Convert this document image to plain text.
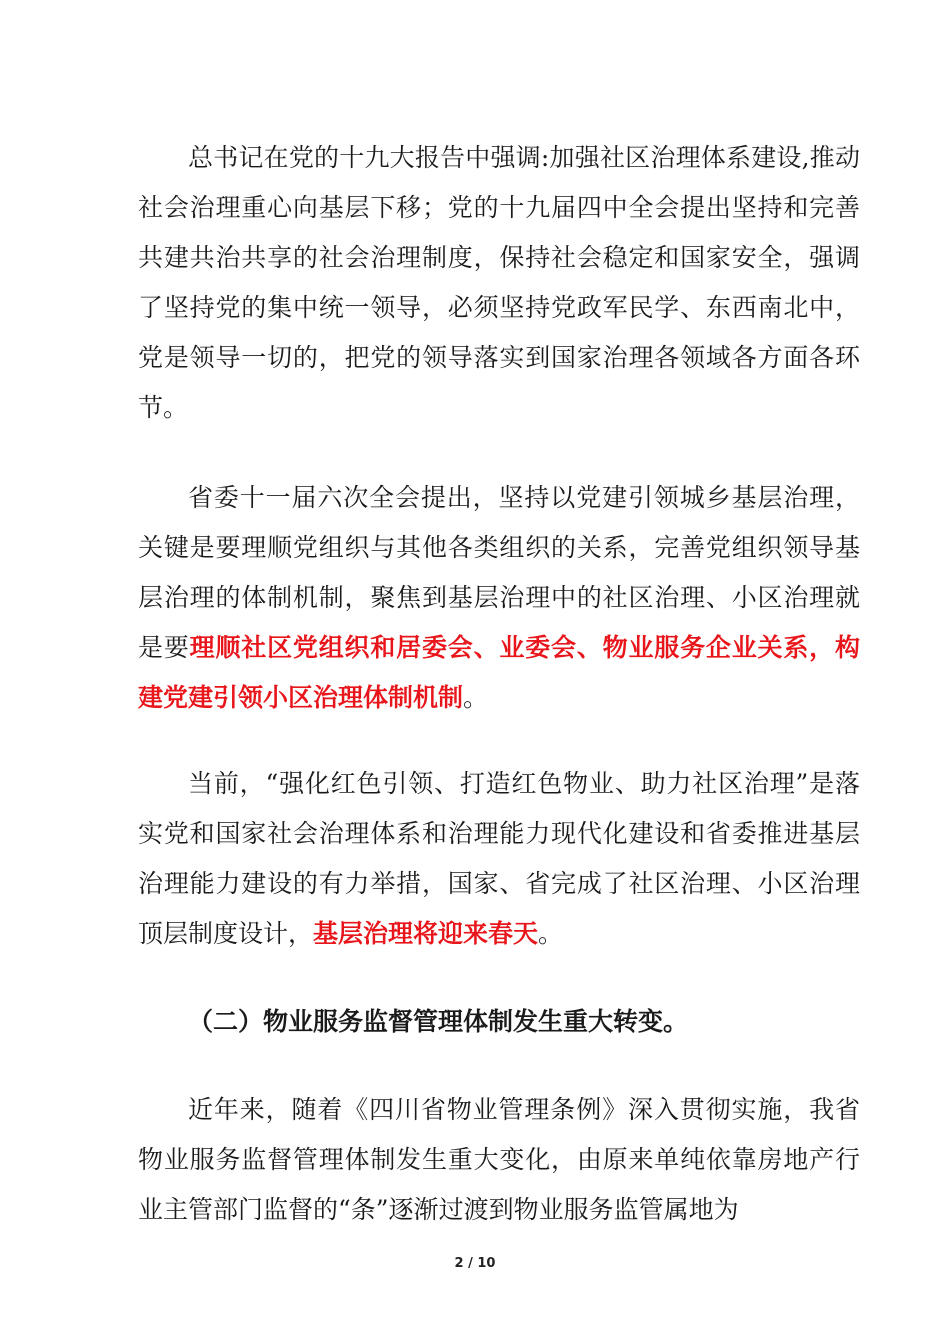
总书记在党的十九大报告中强调:加强社区治理体系建设,推动社会治理重心向基层下移；党的十九届四中全会提出坚持和完善共建共治共享的社会治理制度，保持社会稳定和国家安全，强调了坚持党的集中统一领导，必须坚持党政军民学、东西南北中，党是领导一切的，把党的领导落实到国家治理各领域各方面各环节。

省委十一届六次全会提出，坚持以党建引领城乡基层治理，关键是要理顺党组织与其他各类组织的关系，完善党组织领导基层治理的体制机制，聚焦到基层治理中的社区治理、小区治理就是要理顺社区党组织和居委会、业委会、物业服务企业关系，构建党建引领小区治理体制机制。

当前，“强化红色引领、打造红色物业、助力社区治理”是落实党和国家社会治理体系和治理能力现代化建设和省委推进基层治理能力建设的有力举措，国家、省完成了社区治理、小区治理顶层制度设计，基层治理将迎来春天。

（二）物业服务监督管理体制发生重大转变。

近年来，随着《四川省物业管理条例》深入贯彻实施，我省物业服务监督管理体制发生重大变化，由原来单纯依靠房地产行业主管部门监督的“条”逐渐过渡到物业服务监管属地为

2 / 10
